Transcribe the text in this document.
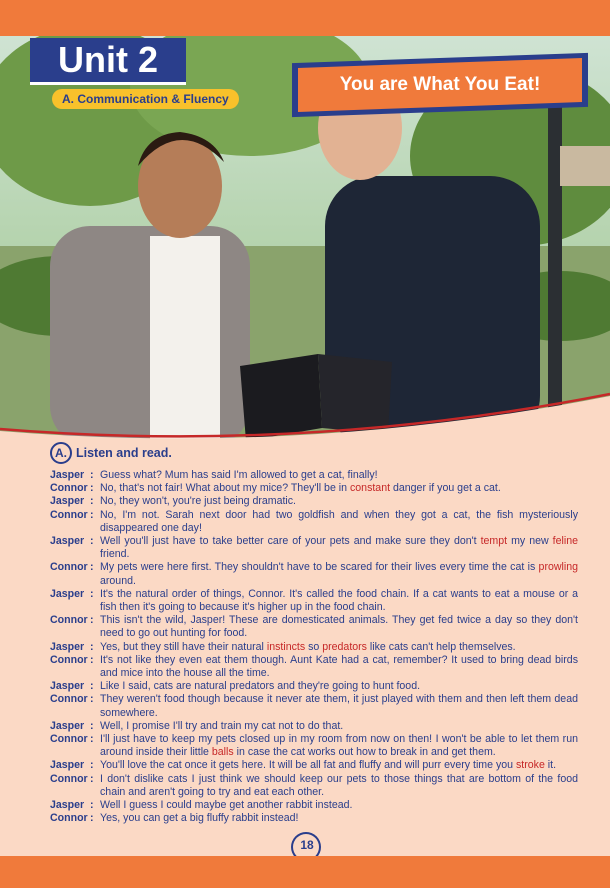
Unit 2
A. Communication & Fluency
You are What You Eat!
A. Listen and read.
Jasper : Guess what? Mum has said I'm allowed to get a cat, finally!
Connor : No, that's not fair! What about my mice? They'll be in constant danger if you get a cat.
Jasper : No, they won't, you're just being dramatic.
Connor : No, I'm not. Sarah next door had two goldfish and when they got a cat, the fish mysteriously disappeared one day!
Jasper : Well you'll just have to take better care of your pets and make sure they don't tempt my new feline friend.
Connor : My pets were here first. They shouldn't have to be scared for their lives every time the cat is prowling around.
Jasper : It's the natural order of things, Connor. It's called the food chain. If a cat wants to eat a mouse or a fish then it's going to because it's higher up in the food chain.
Connor : This isn't the wild, Jasper! These are domesticated animals. They get fed twice a day so they don't need to go out hunting for food.
Jasper : Yes, but they still have their natural instincts so predators like cats can't help themselves.
Connor : It's not like they even eat them though. Aunt Kate had a cat, remember? It used to bring dead birds and mice into the house all the time.
Jasper : Like I said, cats are natural predators and they're going to hunt food.
Connor : They weren't food though because it never ate them, it just played with them and then left them dead somewhere.
Jasper : Well, I promise I'll try and train my cat not to do that.
Connor : I'll just have to keep my pets closed up in my room from now on then! I won't be able to let them run around inside their little balls in case the cat works out how to break in and get them.
Jasper : You'll love the cat once it gets here. It will be all fat and fluffy and will purr every time you stroke it.
Connor : I don't dislike cats I just think we should keep our pets to those things that are bottom of the food chain and aren't going to try and eat each other.
Jasper : Well I guess I could maybe get another rabbit instead.
Connor : Yes, you can get a big fluffy rabbit instead!
18
